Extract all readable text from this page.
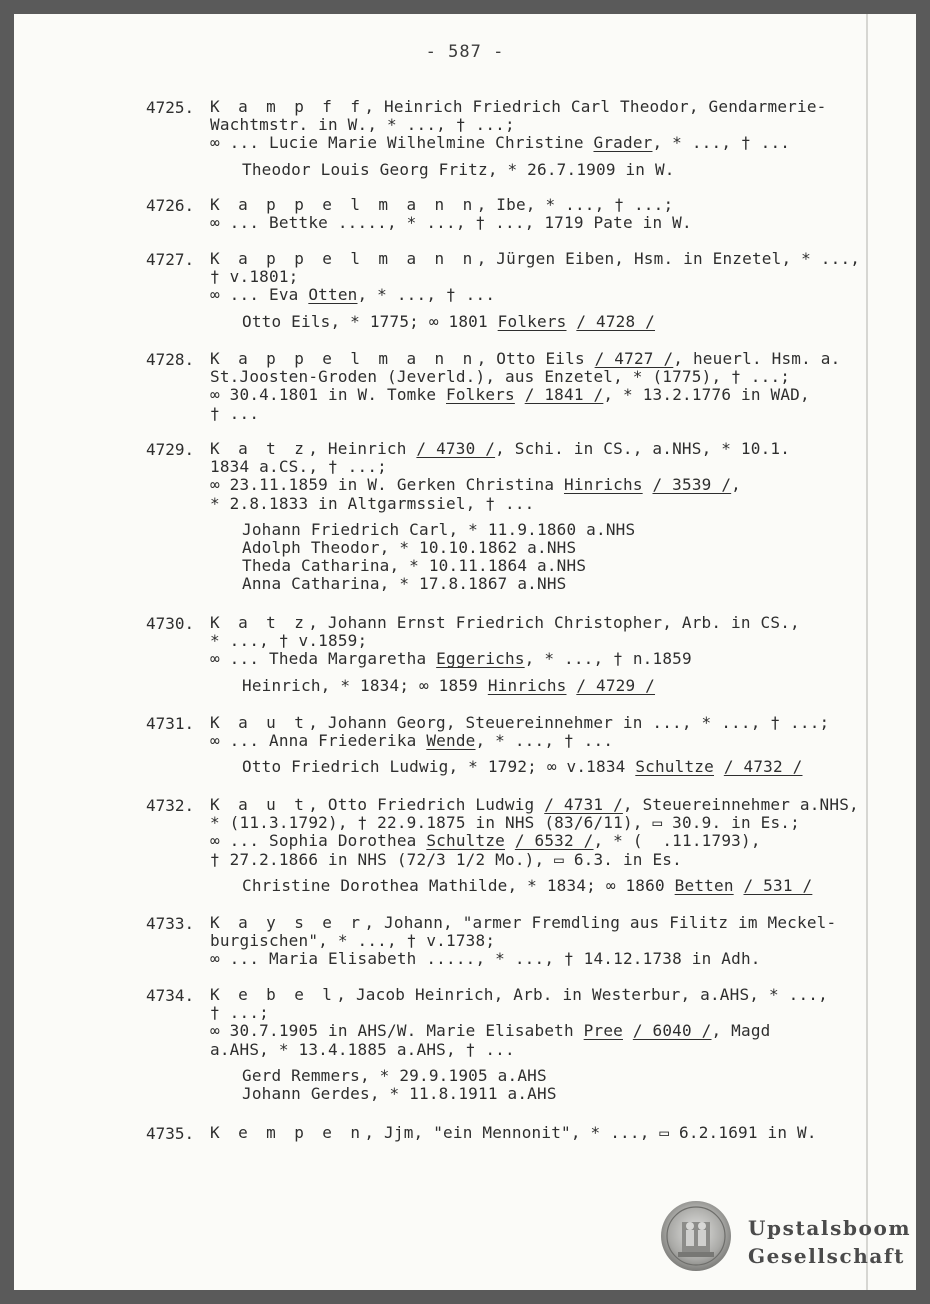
- 587 -
4725. K a m p f f, Heinrich Friedrich Carl Theodor, Gendarmerie-
Wachtmstr. in W., * ..., † ...;
∞ ... Lucie Marie Wilhelmine Christine Grader, * ..., † ...
Theodor Louis Georg Fritz, * 26.7.1909 in W.
4726. K a p p e l m a n n, Ibe, * ..., † ...;
∞ ... Bettke ....., * ..., † ..., 1719 Pate in W.
4727. K a p p e l m a n n, Jürgen Eiben, Hsm. in Enzetel, * ...,
† v.1801;
∞ ... Eva Otten, * ..., † ...
Otto Eils, * 1775; ∞ 1801 Folkers / 4728 /
4728. K a p p e l m a n n, Otto Eils / 4727 /, heuerl. Hsm. a.
St.Joosten-Groden (Jeverld.), aus Enzetel, * (1775), † ...;
∞ 30.4.1801 in W. Tomke Folkers / 1841 /, * 13.2.1776 in WAD,
† ...
4729. K a t z, Heinrich / 4730 /, Schi. in CS., a.NHS, * 10.1.
1834 a.CS., † ...;
∞ 23.11.1859 in W. Gerken Christina Hinrichs / 3539 /,
* 2.8.1833 in Altgarmssiel, † ...
Johann Friedrich Carl, * 11.9.1860 a.NHS
Adolph Theodor, * 10.10.1862 a.NHS
Theda Catharina, * 10.11.1864 a.NHS
Anna Catharina, * 17.8.1867 a.NHS
4730. K a t z, Johann Ernst Friedrich Christopher, Arb. in CS.,
* ..., † v.1859;
∞ ... Theda Margaretha Eggerichs, * ..., † n.1859
Heinrich, * 1834; ∞ 1859 Hinrichs / 4729 /
4731. K a u t, Johann Georg, Steuereinnehmer in ..., * ..., † ...;
∞ ... Anna Friederika Wende, * ..., † ...
Otto Friedrich Ludwig, * 1792; ∞ v.1834 Schultze / 4732 /
4732. K a u t, Otto Friedrich Ludwig / 4731 /, Steuereinnehmer a.NHS,
* (11.3.1792), † 22.9.1875 in NHS (83/6/11), ▭ 30.9. in Es.;
∞ ... Sophia Dorothea Schultze / 6532 /, * (  .11.1793),
† 27.2.1866 in NHS (72/3 1/2 Mo.), ▭ 6.3. in Es.
Christine Dorothea Mathilde, * 1834; ∞ 1860 Betten / 531 /
4733. K a y s e r, Johann, "armer Fremdling aus Filitz im Meckel-
burgischen", * ..., † v.1738;
∞ ... Maria Elisabeth ....., * ..., † 14.12.1738 in Adh.
4734. K e b e l, Jacob Heinrich, Arb. in Westerbur, a.AHS, * ...,
† ...;
∞ 30.7.1905 in AHS/W. Marie Elisabeth Pree / 6040 /, Magd
a.AHS, * 13.4.1885 a.AHS, † ...
Gerd Remmers, * 29.9.1905 a.AHS
Johann Gerdes, * 11.8.1911 a.AHS
4735. K e m p e n, Jjm, "ein Mennonit", * ..., ▭ 6.2.1691 in W.
Upstalsboom
Gesellschaft
